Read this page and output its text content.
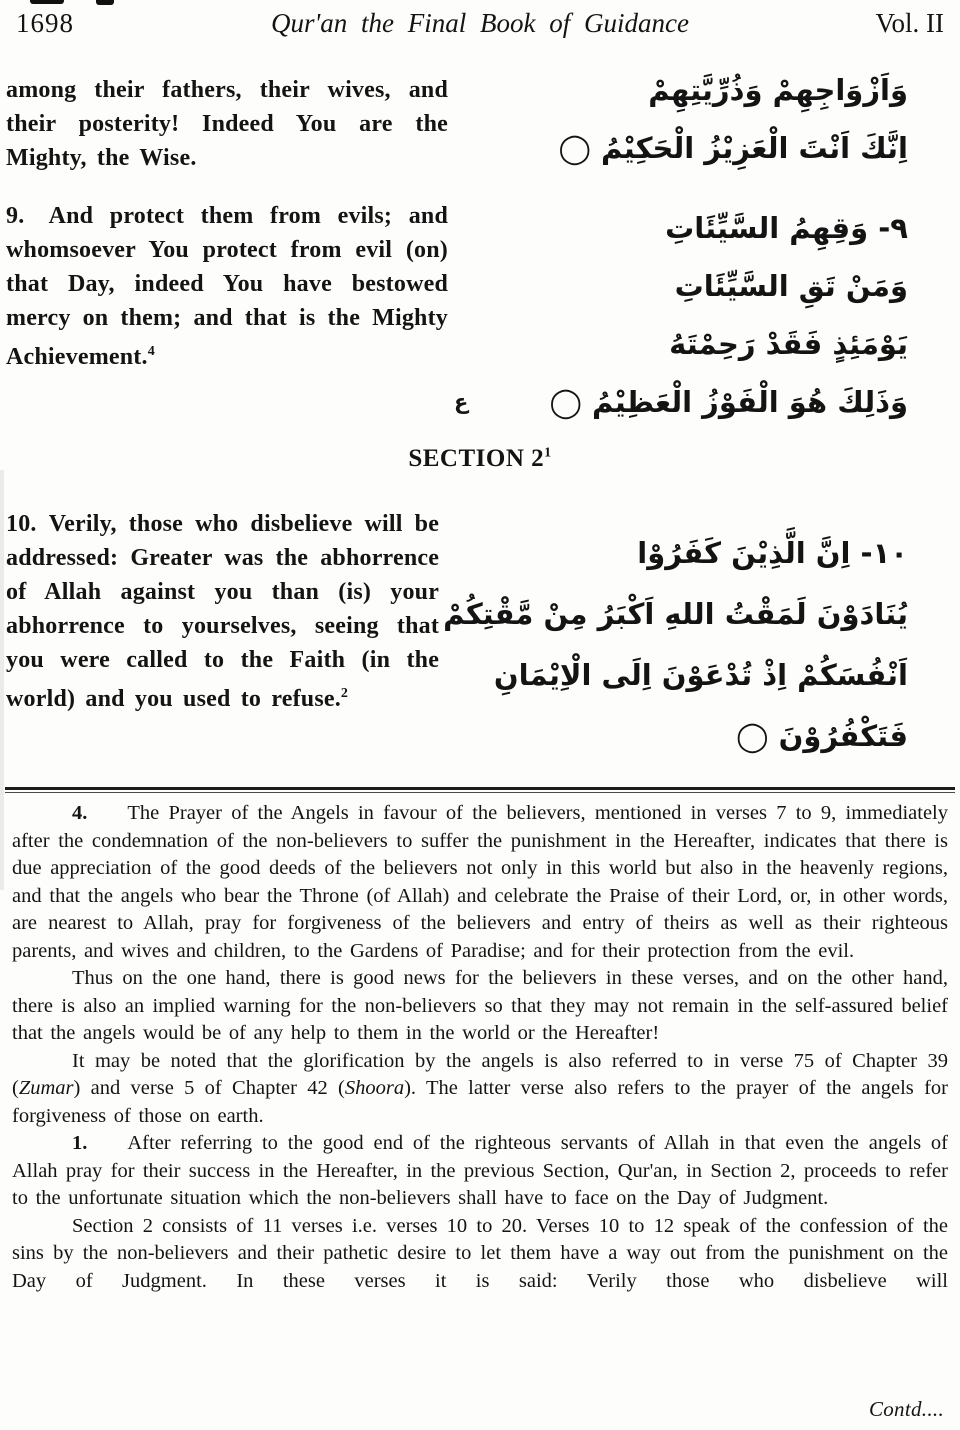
1698	Qur'an the Final Book of Guidance	Vol. II

among their fathers, their wives, and their posterity! Indeed You are the Mighty, the Wise.

وَاَزْوَاجِهِمْ وَذُرِّيَّتِهِمْ
اِنَّكَ اَنْتَ الْعَزِيْزُ الْحَكِيْمُ ◯

9. And protect them from evils; and whomsoever You protect from evil (on) that Day, indeed You have bestowed mercy on them; and that is the Mighty Achievement.$^4$

٩- وَقِهِمُ السَّيِّئَاتِ
وَمَنْ تَقِ السَّيِّئَاتِ
يَوْمَئِذٍ فَقَدْ رَحِمْتَهُ
ع	وَذَلِكَ هُوَ الْفَوْزُ الْعَظِيْمُ ◯
SECTION $2^1$

10. Verily, those who disbelieve will be addressed: Greater was the abhorrence of Allah against you than (is) your abhorrence to yourselves, seeing that you were called to the Faith (in the world) and you used to refuse.$^2$

١٠- اِنَّ الَّذِيْنَ كَفَرُوْا
يُنَادَوْنَ لَمَقْتُ اللهِ اَكْبَرُ مِنْ مَّقْتِكُمْ
اَنْفُسَكُمْ اِذْ تُدْعَوْنَ اِلَى الْاِيْمَانِ
فَتَكْفُرُوْنَ ◯

4. The Prayer of the Angels in favour of the believers, mentioned in verses 7 to 9, immediately after the condemnation of the non-believers to suffer the punishment in the Hereafter, indicates that there is due appreciation of the good deeds of the believers not only in this world but also in the heavenly regions, and that the angels who bear the Throne (of Allah) and celebrate the Praise of their Lord, or, in other words, are nearest to Allah, pray for forgiveness of the believers and entry of theirs as well as their righteous parents, and wives and children, to the Gardens of Paradise; and for their protection from the evil.

Thus on the one hand, there is good news for the believers in these verses, and on the other hand, there is also an implied warning for the non-believers so that they may not remain in the self-assured belief that the angels would be of any help to them in the world or the Hereafter!

It may be noted that the glorification by the angels is also referred to in verse 75 of Chapter 39 (Zumar) and verse 5 of Chapter 42 (Shoora). The latter verse also refers to the prayer of the angels for forgiveness of those on earth.

1. After referring to the good end of the righteous servants of Allah in that even the angels of Allah pray for their success in the Hereafter, in the previous Section, Qur'an, in Section 2, proceeds to refer to the unfortunate situation which the non-believers shall have to face on the Day of Judgment.

Section 2 consists of 11 verses i.e. verses 10 to 20. Verses 10 to 12 speak of the confession of the sins by the non-believers and their pathetic desire to let them have a way out from the punishment on the Day of Judgment. In these verses it is said: Verily those who disbelieve will

Contd....
